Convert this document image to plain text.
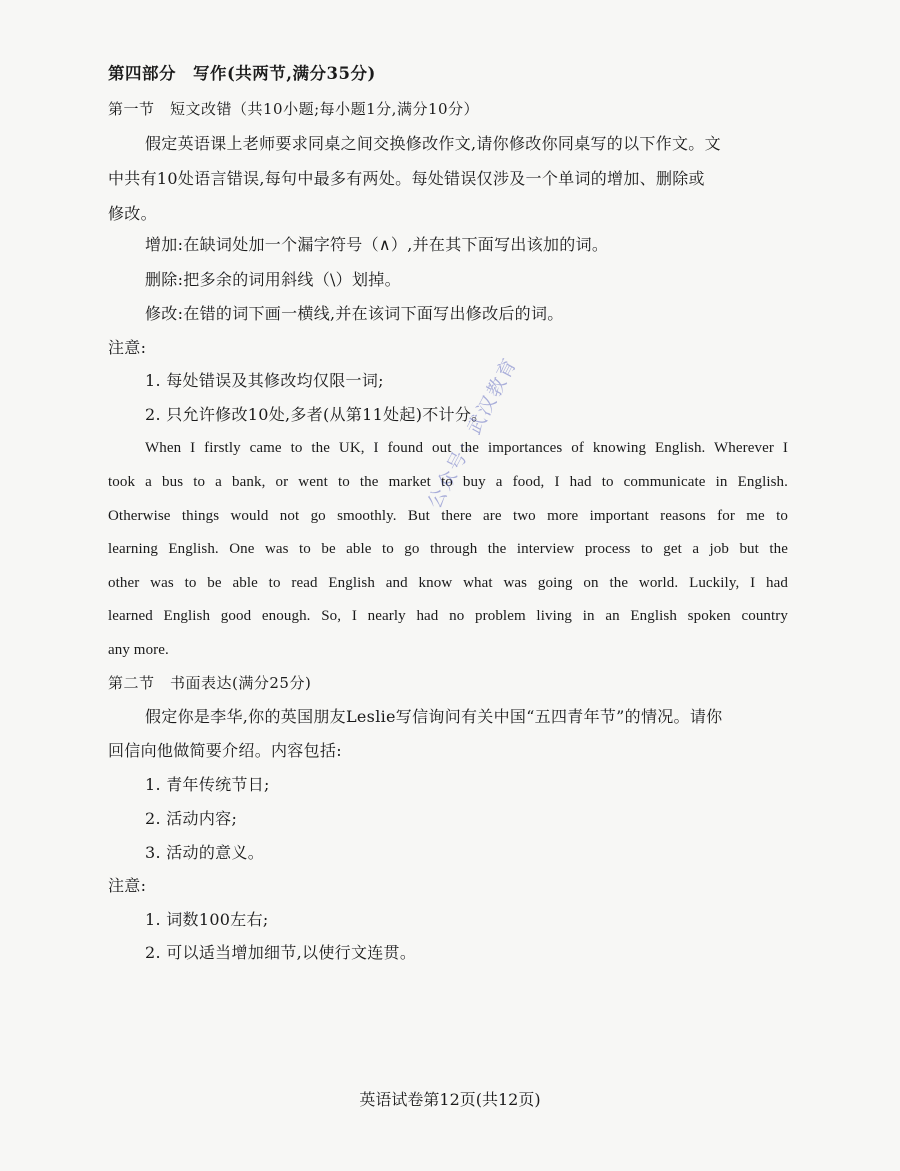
第四部分　写作(共两节,满分35分)
第一节　短文改错（共10小题;每小题1分,满分10分）
假定英语课上老师要求同桌之间交换修改作文,请你修改你同桌写的以下作文。文
中共有10处语言错误,每句中最多有两处。每处错误仅涉及一个单词的增加、删除或
修改。
增加:在缺词处加一个漏字符号（∧）,并在其下面写出该加的词。
删除:把多余的词用斜线（\）划掉。
修改:在错的词下画一横线,并在该词下面写出修改后的词。
注意:
1. 每处错误及其修改均仅限一词;
2. 只允许修改10处,多者(从第11处起)不计分。
When I firstly came to the UK, I found out the importances of knowing English. Wherever I
took a bus to a bank, or went to the market to buy a food, I had to communicate in English.
Otherwise things would not go smoothly. But there are two more important reasons for me to
learning English. One was to be able to go through the interview process to get a job but the
other was to be able to read English and know what was going on the world. Luckily, I had
learned English good enough. So, I nearly had no problem living in an English spoken country
any more.
第二节　书面表达(满分25分)
假定你是李华,你的英国朋友Leslie写信询问有关中国“五四青年节”的情况。请你
回信向他做简要介绍。内容包括:
1. 青年传统节日;
2. 活动内容;
3. 活动的意义。
注意:
1. 词数100左右;
2. 可以适当增加细节,以使行文连贯。
英语试卷第12页(共12页)
公众号：武汉教育
